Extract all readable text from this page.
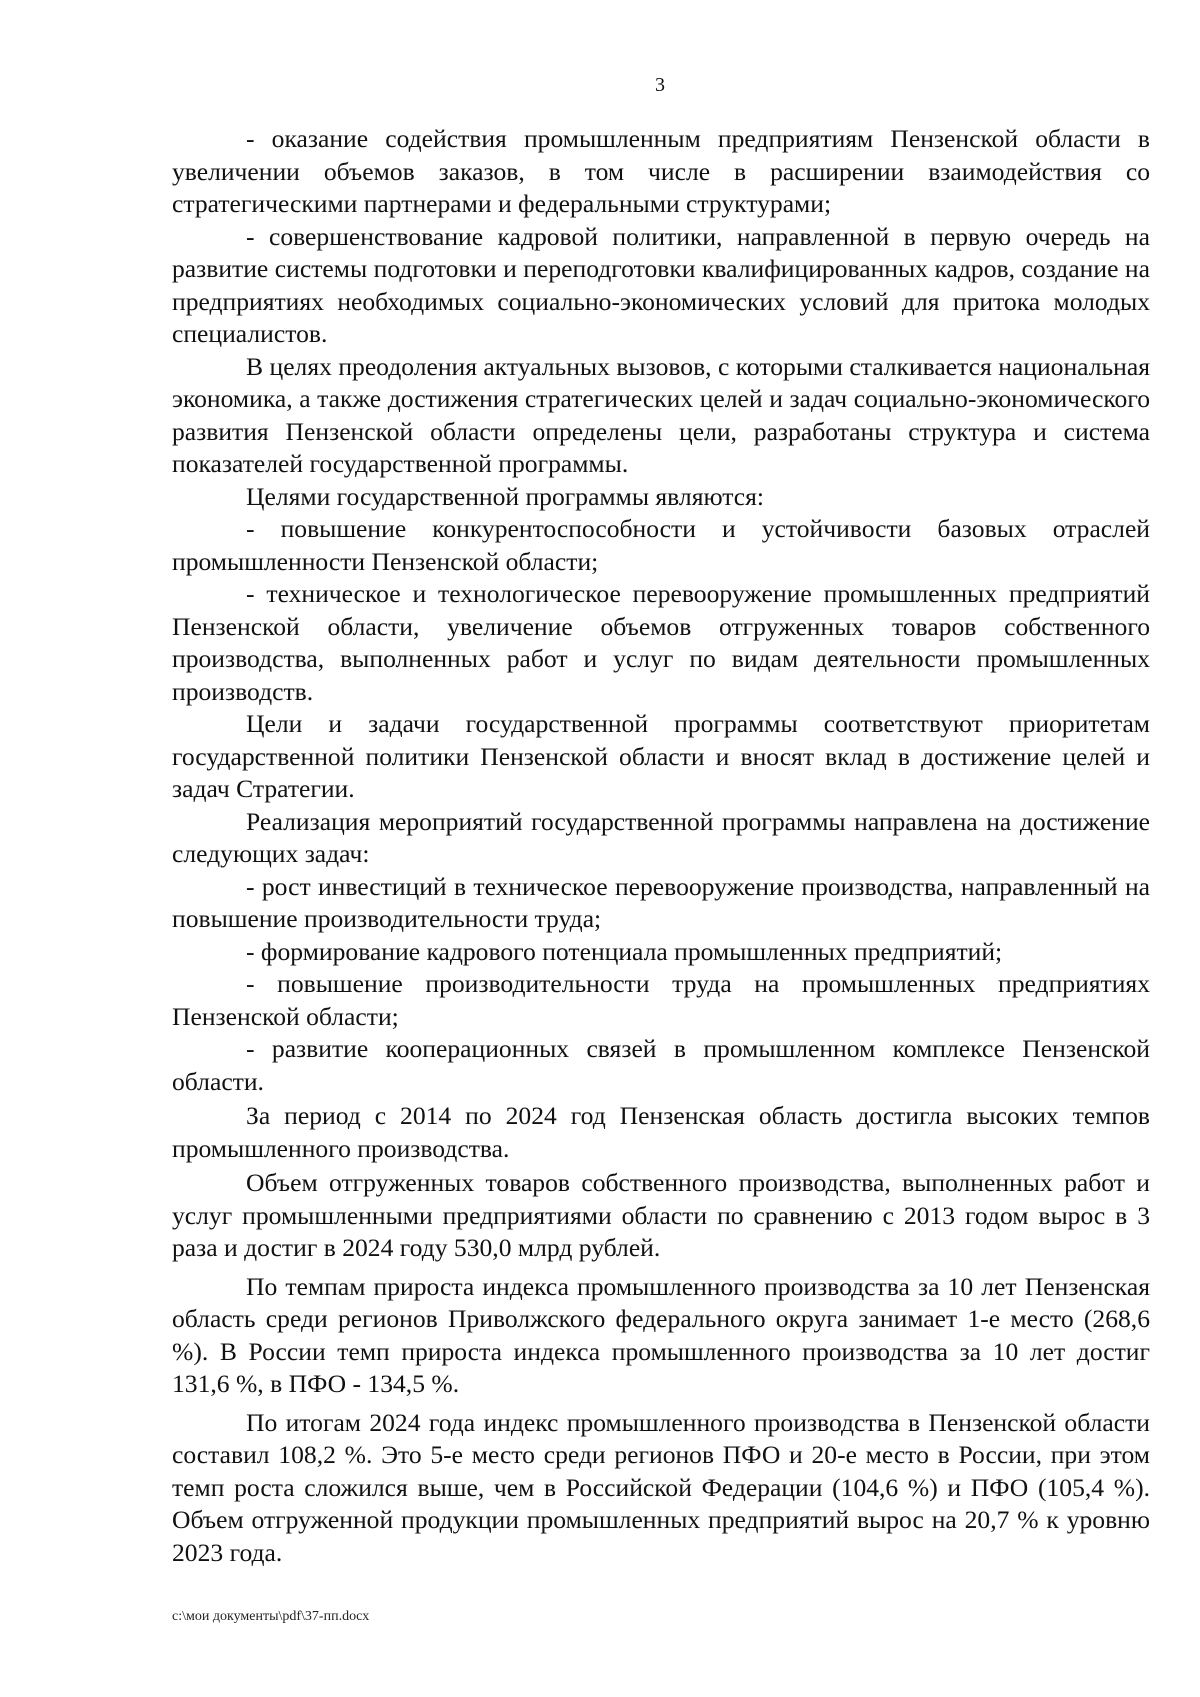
3

- оказание содействия промышленным предприятиям Пензенской области в увеличении объемов заказов, в том числе в расширении взаимодействия со стратегическими партнерами и федеральными структурами;

- совершенствование кадровой политики, направленной в первую очередь на развитие системы подготовки и переподготовки квалифицированных кадров, создание на предприятиях необходимых социально-экономических условий для притока молодых специалистов.

В целях преодоления актуальных вызовов, с которыми сталкивается национальная экономика, а также достижения стратегических целей и задач социально-экономического развития Пензенской области определены цели, разработаны структура и система показателей государственной программы.

Целями государственной программы являются:

- повышение конкурентоспособности и устойчивости базовых отраслей промышленности Пензенской области;

- техническое и технологическое перевооружение промышленных предприятий Пензенской области, увеличение объемов отгруженных товаров собственного производства, выполненных работ и услуг по видам деятельности промышленных производств.

Цели и задачи государственной программы соответствуют приоритетам государственной политики Пензенской области и вносят вклад в достижение целей и задач Стратегии.

Реализация мероприятий государственной программы направлена на достижение следующих задач:

- рост инвестиций в техническое перевооружение производства, направленный на повышение производительности труда;

- формирование кадрового потенциала промышленных предприятий;

- повышение производительности труда на промышленных предприятиях Пензенской области;

- развитие кооперационных связей в промышленном комплексе Пензенской области.

За период с 2014 по 2024 год Пензенская область достигла высоких темпов промышленного производства.

Объем отгруженных товаров собственного производства, выполненных работ и услуг промышленными предприятиями области по сравнению с 2013 годом вырос в 3 раза и достиг в 2024 году 530,0 млрд рублей.

По темпам прироста индекса промышленного производства за 10 лет Пензенская область среди регионов Приволжского федерального округа занимает 1-е место (268,6 %). В России темп прироста индекса промышленного производства за 10 лет достиг 131,6 %, в ПФО - 134,5 %.

По итогам 2024 года индекс промышленного производства в Пензенской области составил 108,2 %. Это 5-е место среди регионов ПФО и 20-е место в России, при этом темп роста сложился выше, чем в Российской Федерации (104,6 %) и ПФО (105,4 %). Объем отгруженной продукции промышленных предприятий вырос на 20,7 % к уровню 2023 года.

c:\мои документы\pdf\37-пп.docx
